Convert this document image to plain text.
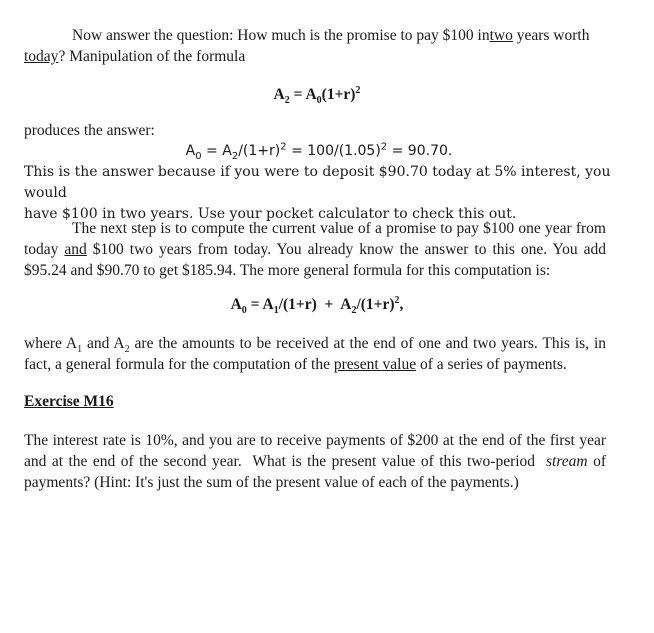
Now answer the question: How much is the promise to pay $100 intwo years worth

today? Manipulation of the formula

$A_2 = A_0(1+r)^2$

produces the answer:

$A_0 = A_2/(1+r)^2 = 100/(1.05)^2 = 90.70$.

This is the answer because if you were to deposit $90.70 today at 5% interest, you would

have $100 in two years. Use your pocket calculator to check this out.

The next step is to compute the current value of a promise to pay $100 one year from today and $100 two years from today. You already know the answer to this one. You add $95.24 and $90.70 to get $185.94. The more general formula for this computation is:
$A_0 = A_1/(1+r) + A_2/(1+r)^2$,
where $A_1$ and $A_2$ are the amounts to be received at the end of one and two years. This is, in fact, a general formula for the computation of the present value of a series of payments.
Exercise M16
The interest rate is 10%, and you are to receive payments of $200 at the end of the first year and at the end of the second year.  What is the present value of this two-period  stream of payments? (Hint: It's just the sum of the present value of each of the payments.)
